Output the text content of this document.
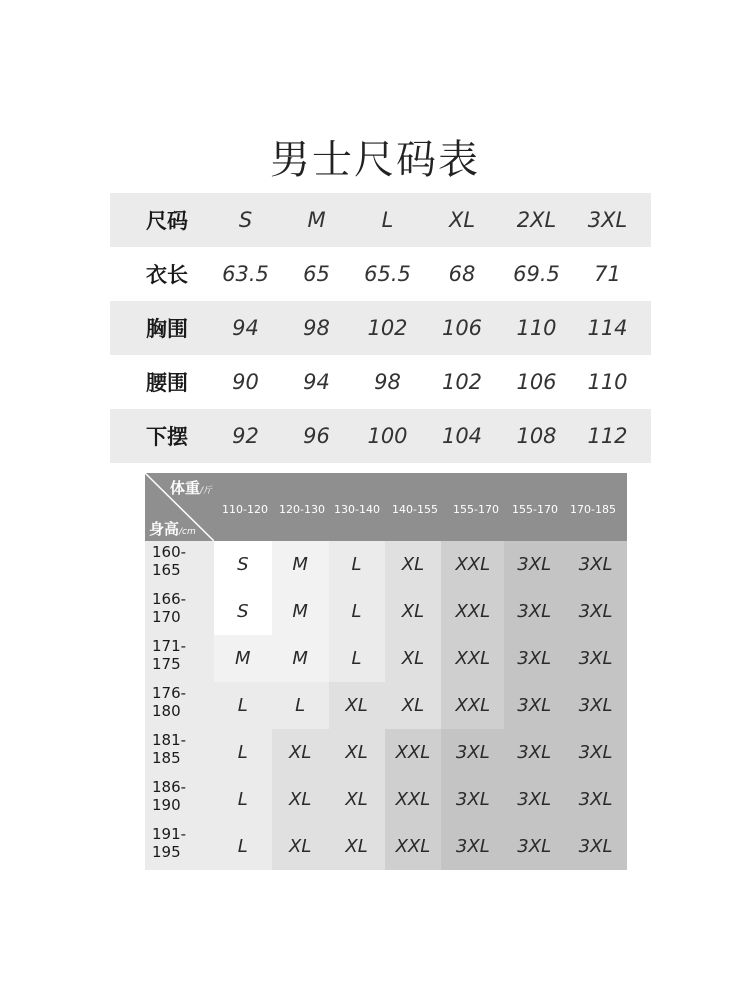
男士尺码表
尺码	S	M	L	XL	2XL	3XL
衣长	63.5	65	65.5	68	69.5	71
胸围	94	98	102	106	110	114
腰围	90	94	98	102	106	110
下摆	92	96	100	104	108	112
体重/斤
身高/cm
110-120	120-130 130-140	140-155	155-170	155-170	170-185
160-165	S	M	L	XL	XXL	3XL	3XL
166-170	S	M	L	XL	XXL	3XL	3XL
171-175	M	M	L	XL	XXL	3XL	3XL
176-180	L	L	XL	XL	XXL	3XL	3XL
181-185	L	XL	XL	XXL	3XL	3XL	3XL
186-190	L	XL	XL	XXL	3XL	3XL	3XL
191-195	L	XL	XL	XXL	3XL	3XL	3XL
